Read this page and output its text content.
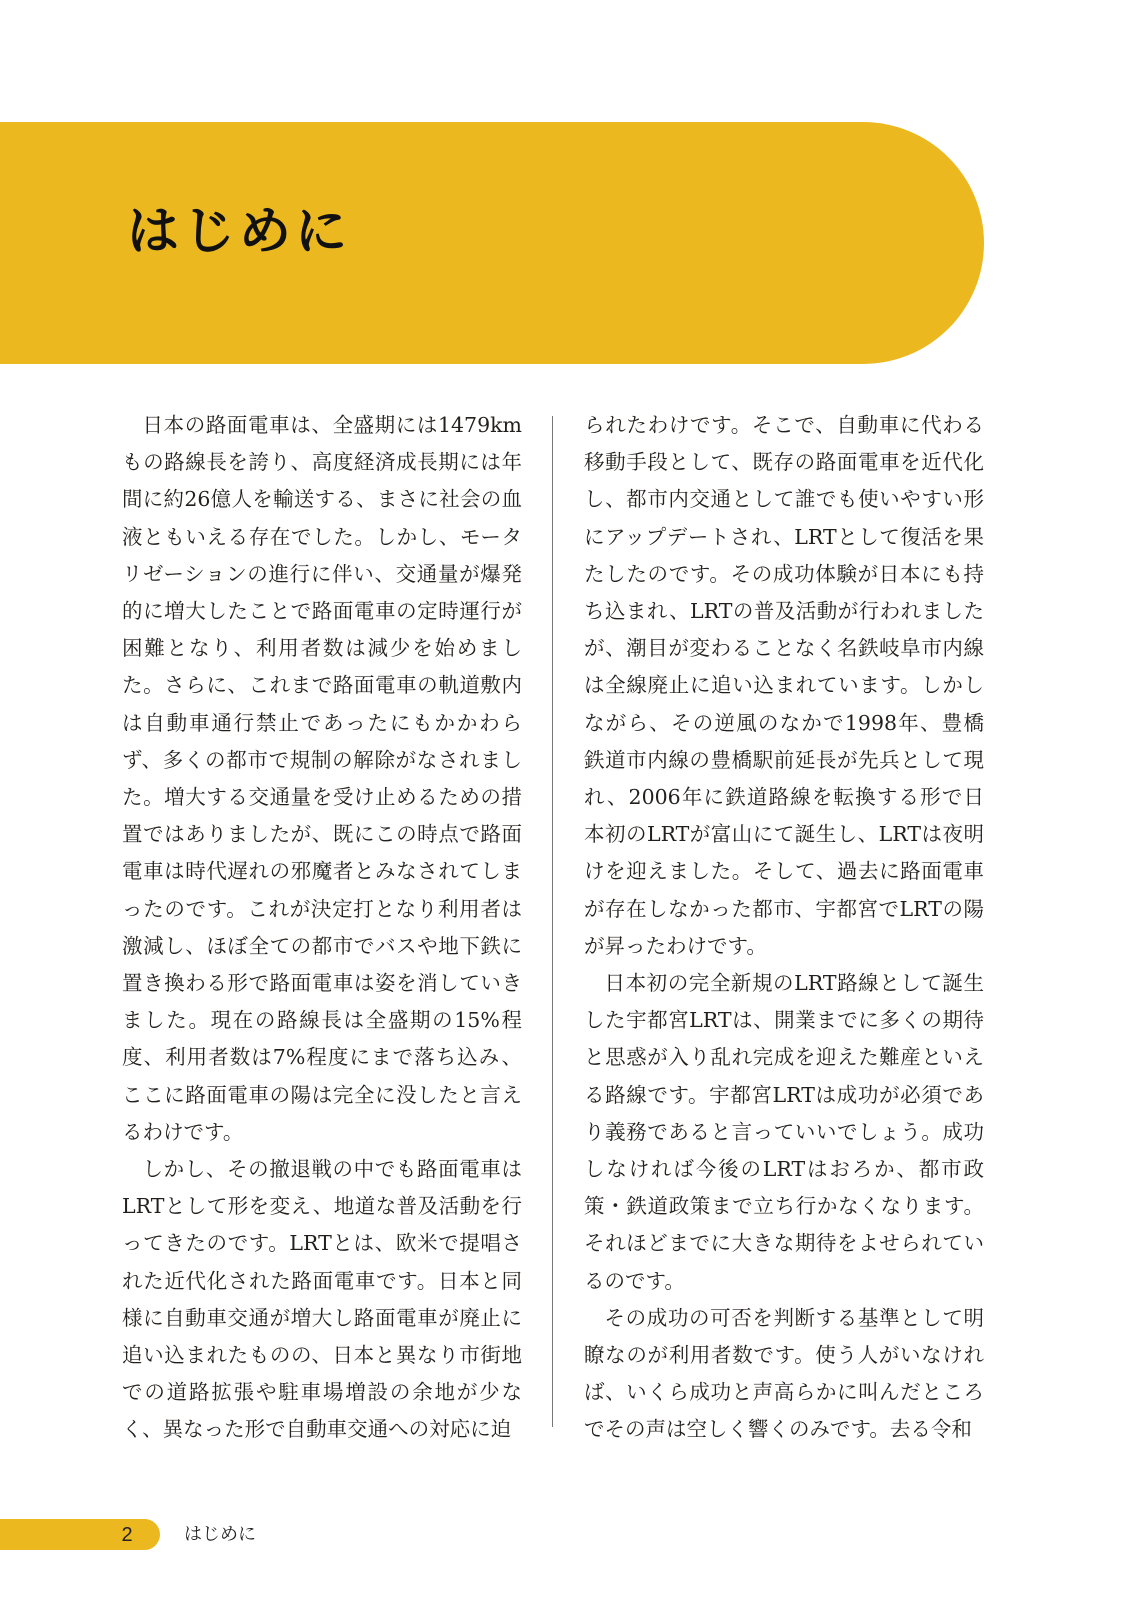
はじめに

日本の路面電車は、全盛期には1479kmもの路線長を誇り、高度経済成長期には年間に約26億人を輸送する、まさに社会の血液ともいえる存在でした。しかし、モータリゼーションの進行に伴い、交通量が爆発的に増大したことで路面電車の定時運行が困難となり、利用者数は減少を始めました。さらに、これまで路面電車の軌道敷内は自動車通行禁止であったにもかかわらず、多くの都市で規制の解除がなされました。増大する交通量を受け止めるための措置ではありましたが、既にこの時点で路面電車は時代遅れの邪魔者とみなされてしまったのです。これが決定打となり利用者は激減し、ほぼ全ての都市でバスや地下鉄に置き換わる形で路面電車は姿を消していきました。現在の路線長は全盛期の15%程度、利用者数は7%程度にまで落ち込み、ここに路面電車の陽は完全に没したと言えるわけです。

しかし、その撤退戦の中でも路面電車はLRTとして形を変え、地道な普及活動を行ってきたのです。LRTとは、欧米で提唱された近代化された路面電車です。日本と同様に自動車交通が増大し路面電車が廃止に追い込まれたものの、日本と異なり市街地での道路拡張や駐車場増設の余地が少なく、異なった形で自動車交通への対応に迫

られたわけです。そこで、自動車に代わる移動手段として、既存の路面電車を近代化し、都市内交通として誰でも使いやすい形にアップデートされ、LRTとして復活を果たしたのです。その成功体験が日本にも持ち込まれ、LRTの普及活動が行われましたが、潮目が変わることなく名鉄岐阜市内線は全線廃止に追い込まれています。しかしながら、その逆風のなかで1998年、豊橋鉄道市内線の豊橋駅前延長が先兵として現れ、2006年に鉄道路線を転換する形で日本初のLRTが富山にて誕生し、LRTは夜明けを迎えました。そして、過去に路面電車が存在しなかった都市、宇都宮でLRTの陽が昇ったわけです。

日本初の完全新規のLRT路線として誕生した宇都宮LRTは、開業までに多くの期待と思惑が入り乱れ完成を迎えた難産といえる路線です。宇都宮LRTは成功が必須であり義務であると言っていいでしょう。成功しなければ今後のLRTはおろか、都市政策・鉄道政策まで立ち行かなくなります。それほどまでに大きな期待をよせられているのです。

その成功の可否を判断する基準として明瞭なのが利用者数です。使う人がいなければ、いくら成功と声高らかに叫んだところでその声は空しく響くのみです。去る令和

2	はじめに
